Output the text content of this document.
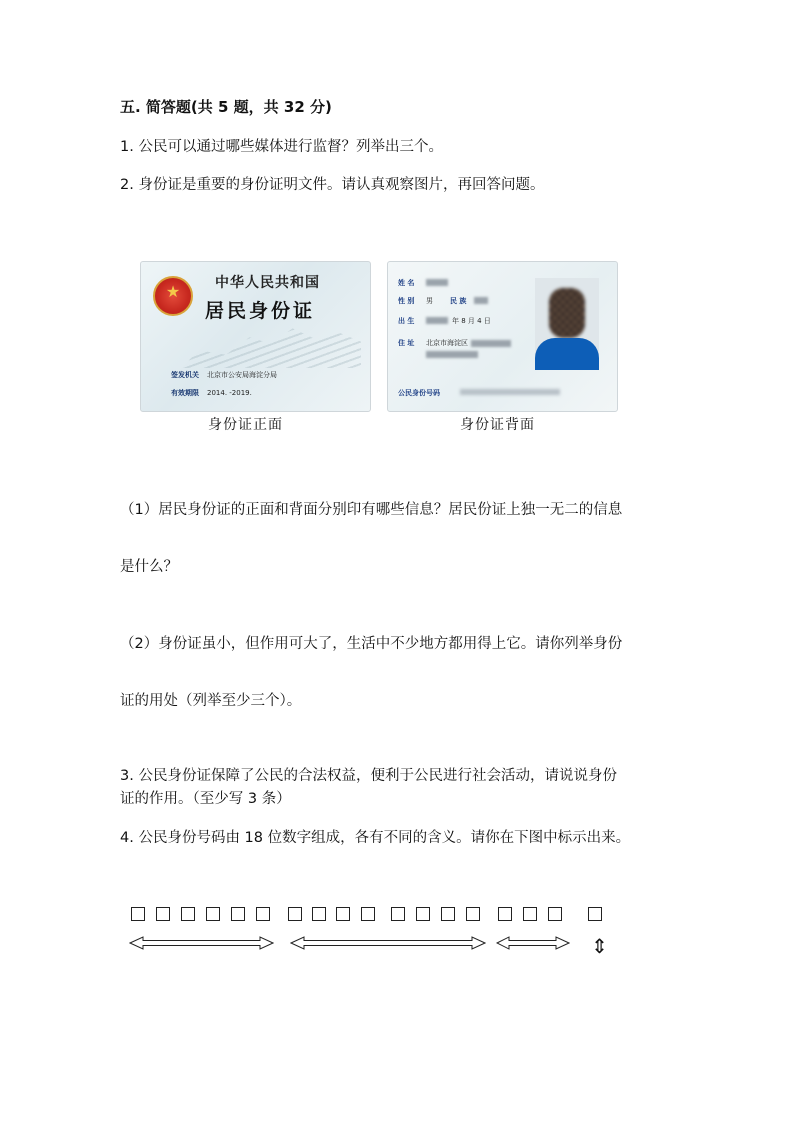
五. 简答题(共 5 题，共 32 分)
1. 公民可以通过哪些媒体进行监督？列举出三个。
2. 身份证是重要的身份证明文件。请认真观察图片，再回答问题。
★
中华人民共和国
居民身份证
签发机关 北京市公安局海淀分局
有效期限 2014. -2019.
姓 名
性 别 男 民 族
出 生	年 8 月 4 日
住 址 北京市海淀区
公民身份号码
身份证正面	身份证背面
（1）居民身份证的正面和背面分别印有哪些信息？居民份证上独一无二的信息
是什么？
（2）身份证虽小，但作用可大了，生活中不少地方都用得上它。请你列举身份
证的用处（列举至少三个）。
3. 公民身份证保障了公民的合法权益，便利于公民进行社会活动，请说说身份
证的作用。（至少写 3 条）
4. 公民身份号码由 18 位数字组成，各有不同的含义。请你在下图中标示出来。
⇕
